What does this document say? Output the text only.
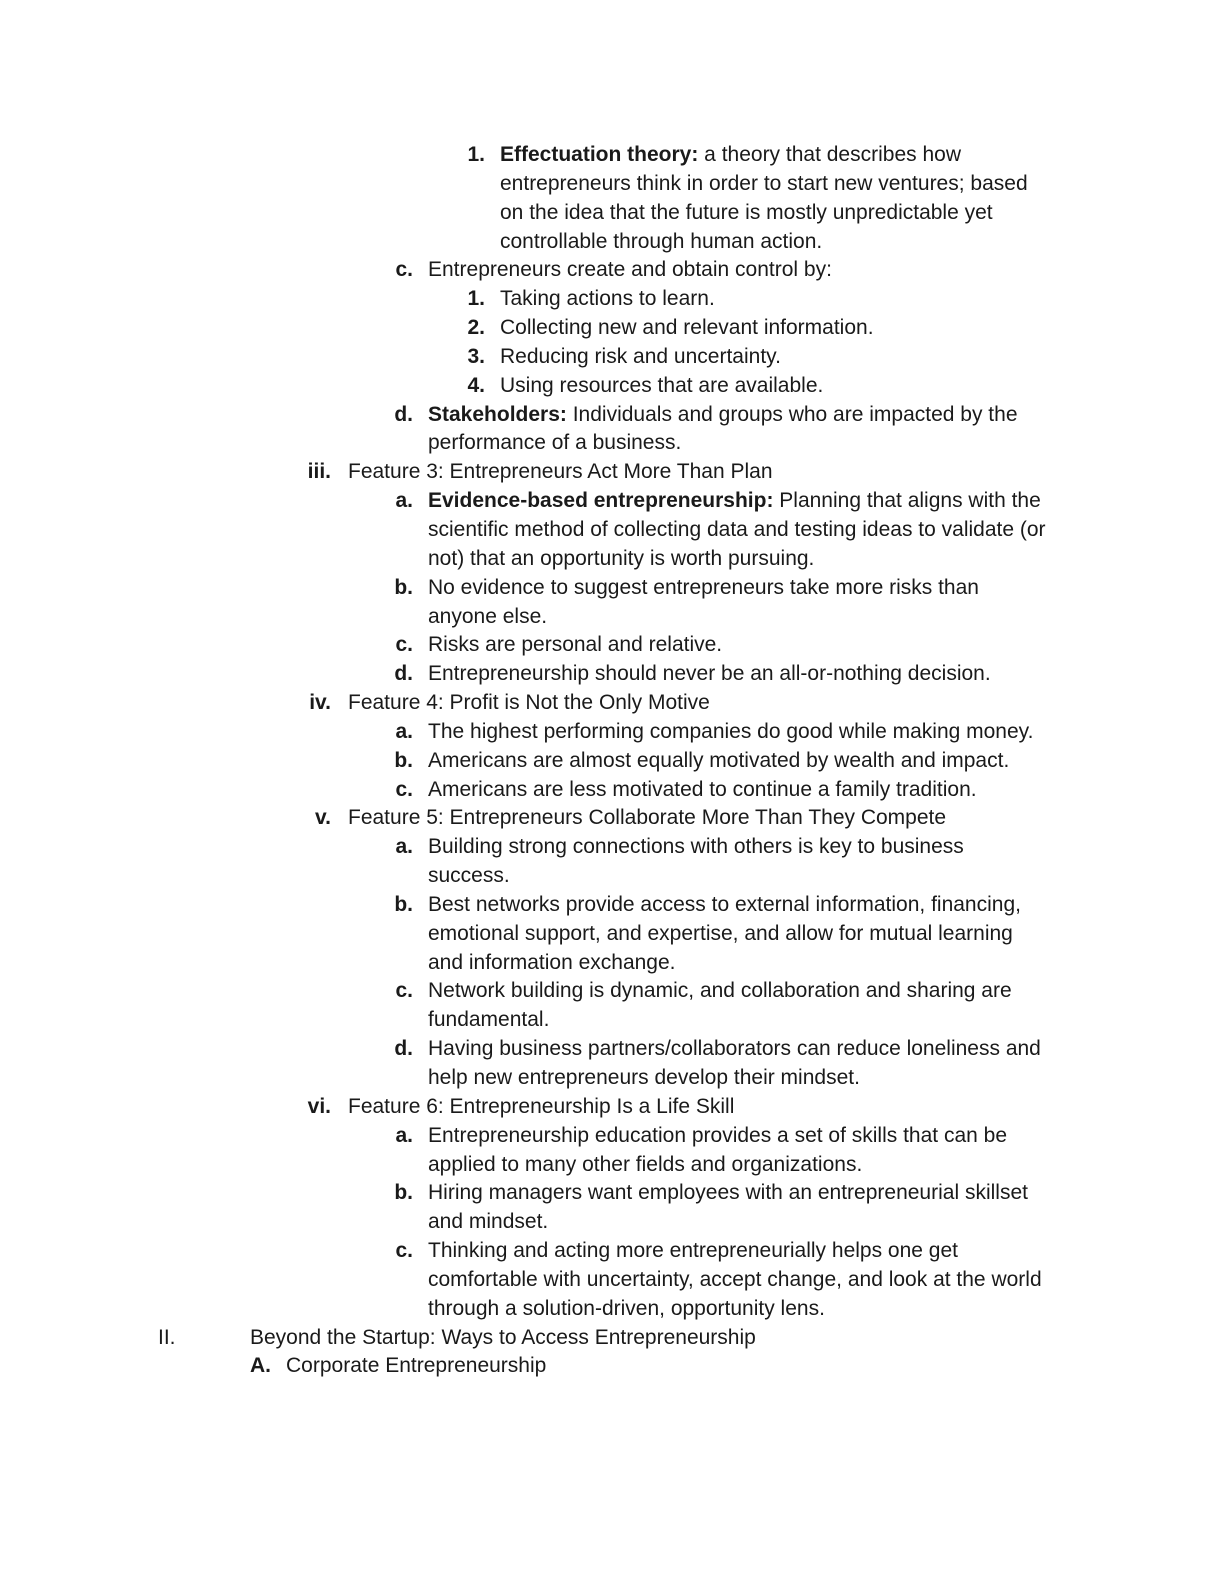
1. Effectuation theory: a theory that describes how
entrepreneurs think in order to start new ventures; based
on the idea that the future is mostly unpredictable yet
controllable through human action.
c. Entrepreneurs create and obtain control by:
1. Taking actions to learn.
2. Collecting new and relevant information.
3. Reducing risk and uncertainty.
4. Using resources that are available.
d. Stakeholders: Individuals and groups who are impacted by the
performance of a business.
iii. Feature 3: Entrepreneurs Act More Than Plan
a. Evidence-based entrepreneurship: Planning that aligns with the
scientific method of collecting data and testing ideas to validate (or
not) that an opportunity is worth pursuing.
b. No evidence to suggest entrepreneurs take more risks than
anyone else.
c. Risks are personal and relative.
d. Entrepreneurship should never be an all-or-nothing decision.
iv. Feature 4: Profit is Not the Only Motive
a. The highest performing companies do good while making money.
b. Americans are almost equally motivated by wealth and impact.
c. Americans are less motivated to continue a family tradition.
v. Feature 5: Entrepreneurs Collaborate More Than They Compete
a. Building strong connections with others is key to business
success.
b. Best networks provide access to external information, financing,
emotional support, and expertise, and allow for mutual learning
and information exchange.
c. Network building is dynamic, and collaboration and sharing are
fundamental.
d. Having business partners/collaborators can reduce loneliness and
help new entrepreneurs develop their mindset.
vi. Feature 6: Entrepreneurship Is a Life Skill
a. Entrepreneurship education provides a set of skills that can be
applied to many other fields and organizations.
b. Hiring managers want employees with an entrepreneurial skillset
and mindset.
c. Thinking and acting more entrepreneurially helps one get
comfortable with uncertainty, accept change, and look at the world
through a solution-driven, opportunity lens.
II.	Beyond the Startup: Ways to Access Entrepreneurship
A. Corporate Entrepreneurship
